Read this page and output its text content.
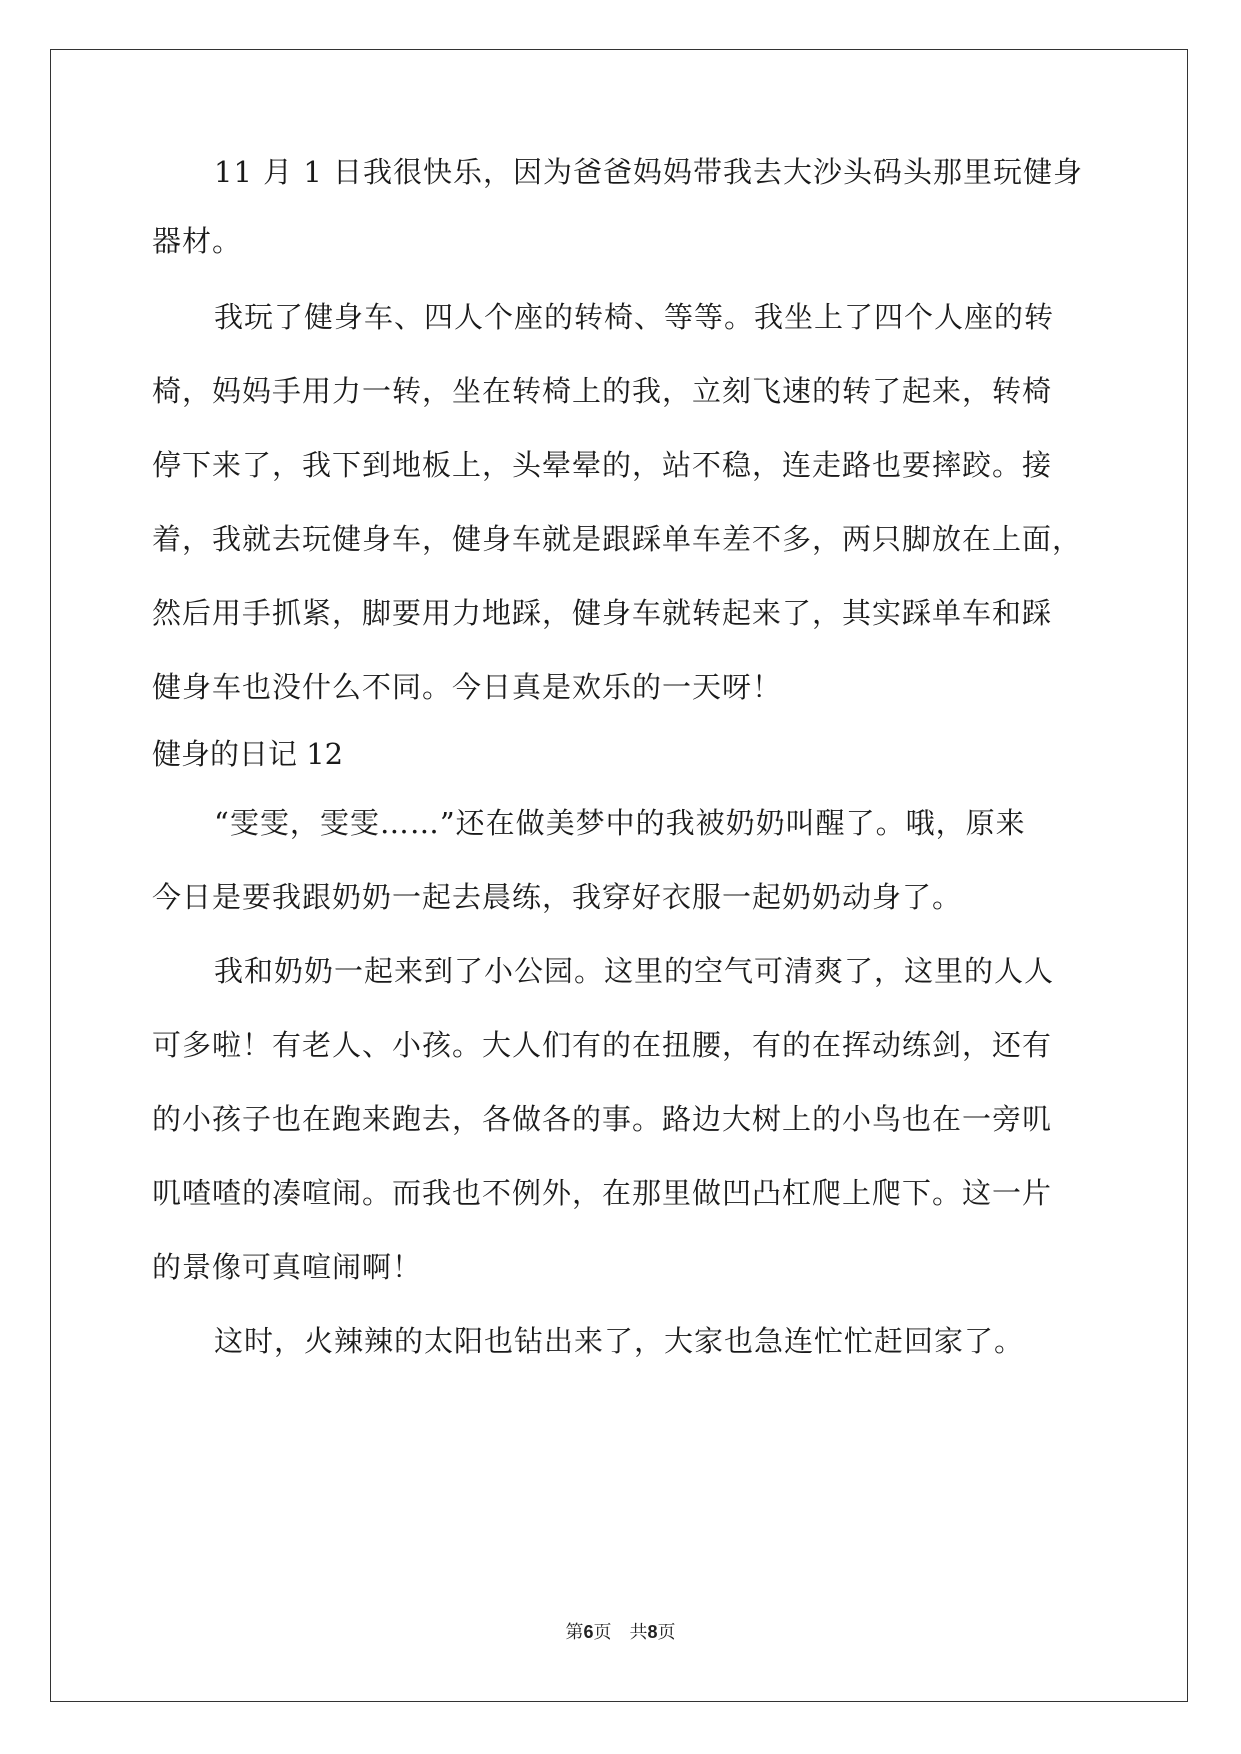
11 月 1 日我很快乐，因为爸爸妈妈带我去大沙头码头那里玩健身
器材。
我玩了健身车、四人个座的转椅、等等。我坐上了四个人座的转
椅，妈妈手用力一转，坐在转椅上的我，立刻飞速的转了起来，转椅
停下来了，我下到地板上，头晕晕的，站不稳，连走路也要摔跤。接
着，我就去玩健身车，健身车就是跟踩单车差不多，两只脚放在上面，
然后用手抓紧，脚要用力地踩，健身车就转起来了，其实踩单车和踩
健身车也没什么不同。今日真是欢乐的一天呀！
健身的日记 12
“雯雯，雯雯……”还在做美梦中的我被奶奶叫醒了。哦，原来
今日是要我跟奶奶一起去晨练，我穿好衣服一起奶奶动身了。
我和奶奶一起来到了小公园。这里的空气可清爽了，这里的人人
可多啦！有老人、小孩。大人们有的在扭腰，有的在挥动练剑，还有
的小孩子也在跑来跑去，各做各的事。路边大树上的小鸟也在一旁叽
叽喳喳的凑喧闹。而我也不例外，在那里做凹凸杠爬上爬下。这一片
的景像可真喧闹啊！
这时，火辣辣的太阳也钻出来了，大家也急连忙忙赶回家了。
第6页　共8页
